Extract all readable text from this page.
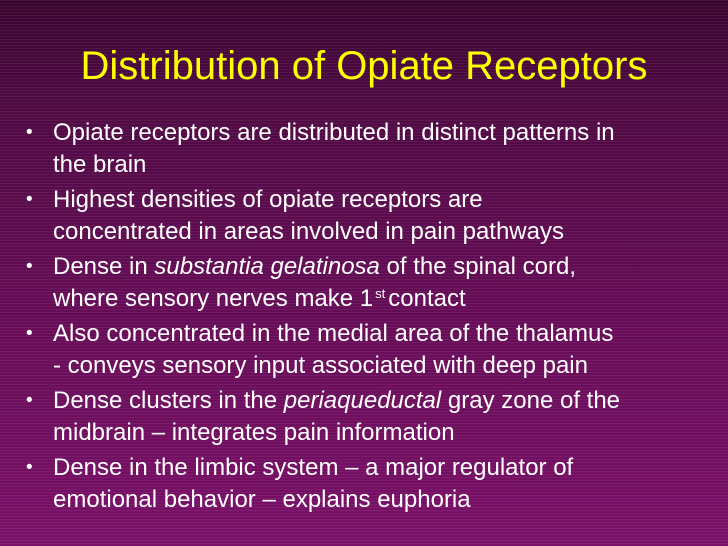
Distribution of Opiate Receptors
• Opiate receptors are distributed in distinct patterns in
the brain
• Highest densities of opiate receptors are
concentrated in areas involved in pain pathways
• Dense in substantia gelatinosa of the spinal cord,
where sensory nerves make 1 $^{st}$ contact
• Also concentrated in the medial area of the thalamus
- conveys sensory input associated with deep pain
• Dense clusters in the periaqueductal gray zone of the
midbrain – integrates pain information
• Dense in the limbic system – a major regulator of
emotional behavior – explains euphoria
